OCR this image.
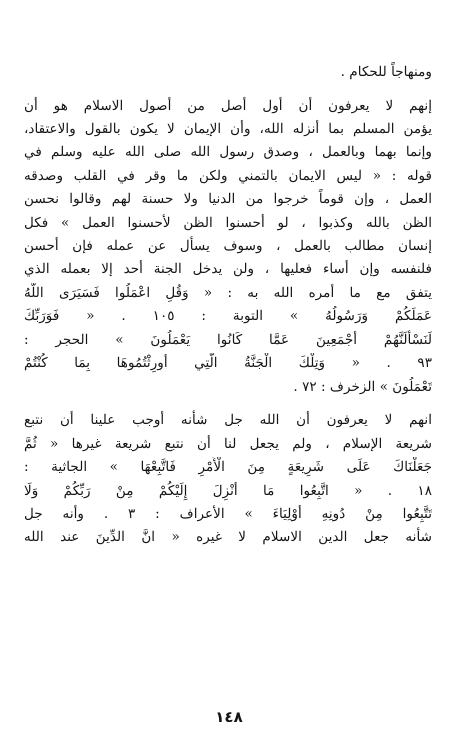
ومنهاجاً للحكام .
إنهم لا يعرفون أن أول أصل من أصول الاسلام هو أن
يؤمن المسلم بما أنزله الله، وأن الإيمان لا يكون بالقول والاعتقاد،
وإنما بهما وبالعمل ، وصدق رسول الله صلى الله عليه وسلم في
قوله : « ليس الايمان بالتمني ولكن ما وقر في القلب وصدقه
العمل ، وإن قوماً خرجوا من الدنيا ولا حسنة لهم وقالوا نحسن
الظن بالله وكذبوا ، لو أحسنوا الظن لأحسنوا العمل » فكل
إنسان مطالب بالعمل ، وسوف يسأل عن عمله فإن أحسن
فلنفسه وإن أساء فعليها ، ولن يدخل الجنة أحد إلا بعمله الذي
يتفق مع ما أمره الله به : « وَقُلِ اعْمَلُوا فَسَيَرَى اللَّهُ
عَمَلَكُمْ وَرَسُولُهُ » التوبة : ١٠٥ . « فَوَرَبِّكَ
لَنَسْأَلَنَّهُمْ أَجْمَعِينَ عَمَّا كَانُوا يَعْمَلُونَ » الحجر :
٩٣ . « وَتِلْكَ الْجَنَّةُ الَّتِي أُورِثْتُمُوهَا بِمَا كُنْتُمْ
تَعْمَلُونَ » الزخرف : ٧٢ .
انهم لا يعرفون أن الله جل شأنه أوجب علينا أن نتبع
شريعة الإسلام ، ولم يجعل لنا أن نتبع شريعة غيرها « ثُمَّ
جَعَلْنَاكَ عَلَى شَرِيعَةٍ مِنَ الْأَمْرِ فَاتَّبِعْهَا » الجاثية :
١٨ . « اتَّبِعُوا مَا أُنْزِلَ إِلَيْكُمْ مِنْ رَبِّكُمْ وَلَا
تَتَّبِعُوا مِنْ دُونِهِ أَوْلِيَاءَ » الأعراف : ٣ . وأنه جل
شأنه جعل الدين الاسلام لا غيره « انَّ الدِّينَ عند الله
١٤٨
